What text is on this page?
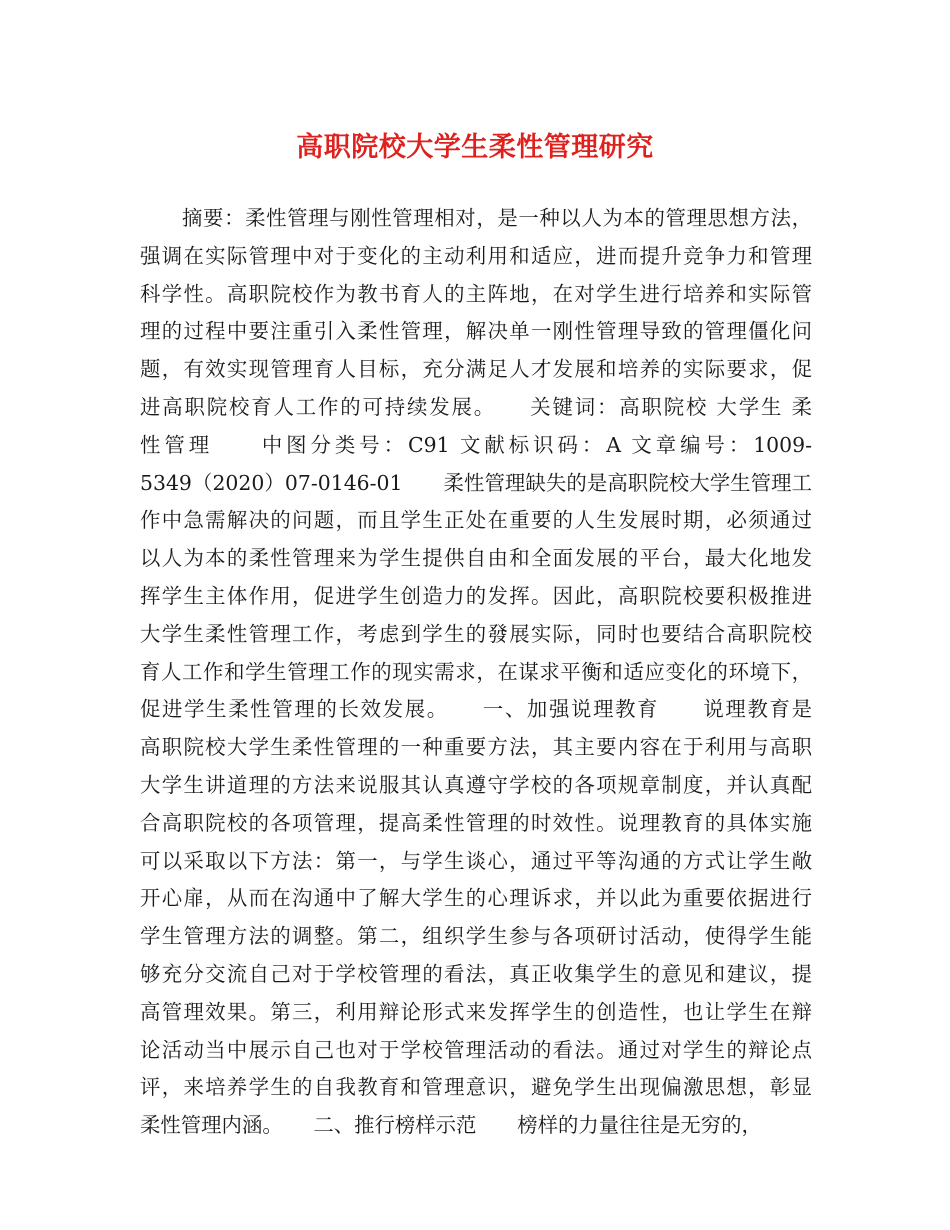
高职院校大学生柔性管理研究
　　摘要：柔性管理与刚性管理相对，是一种以人为本的管理思想方法，
强调在实际管理中对于变化的主动利用和适应，进而提升竞争力和管理
科学性。高职院校作为教书育人的主阵地，在对学生进行培养和实际管
理的过程中要注重引入柔性管理，解决单一刚性管理导致的管理僵化问
题，有效实现管理育人目标，充分满足人才发展和培养的实际要求，促
进高职院校育人工作的可持续发展。　　关键词：高职院校 大学生 柔
性管理　　中图分类号：C91 文献标识码：A 文章编号：1009-
5349（2020）07-0146-01　　柔性管理缺失的是高职院校大学生管理工
作中急需解决的问题，而且学生正处在重要的人生发展时期，必须通过
以人为本的柔性管理来为学生提供自由和全面发展的平台，最大化地发
挥学生主体作用，促进学生创造力的发挥。因此，高职院校要积极推进
大学生柔性管理工作，考虑到学生的發展实际，同时也要结合高职院校
育人工作和学生管理工作的现实需求，在谋求平衡和适应变化的环境下，
促进学生柔性管理的长效发展。　　一、加强说理教育　　说理教育是
高职院校大学生柔性管理的一种重要方法，其主要内容在于利用与高职
大学生讲道理的方法来说服其认真遵守学校的各项规章制度，并认真配
合高职院校的各项管理，提高柔性管理的时效性。说理教育的具体实施
可以采取以下方法：第一，与学生谈心，通过平等沟通的方式让学生敞
开心扉，从而在沟通中了解大学生的心理诉求，并以此为重要依据进行
学生管理方法的调整。第二，组织学生参与各项研讨活动，使得学生能
够充分交流自己对于学校管理的看法，真正收集学生的意见和建议，提
高管理效果。第三，利用辩论形式来发挥学生的创造性，也让学生在辩
论活动当中展示自己也对于学校管理活动的看法。通过对学生的辩论点
评，来培养学生的自我教育和管理意识，避免学生出现偏激思想，彰显
柔性管理内涵。　　二、推行榜样示范　　榜样的力量往往是无穷的，
